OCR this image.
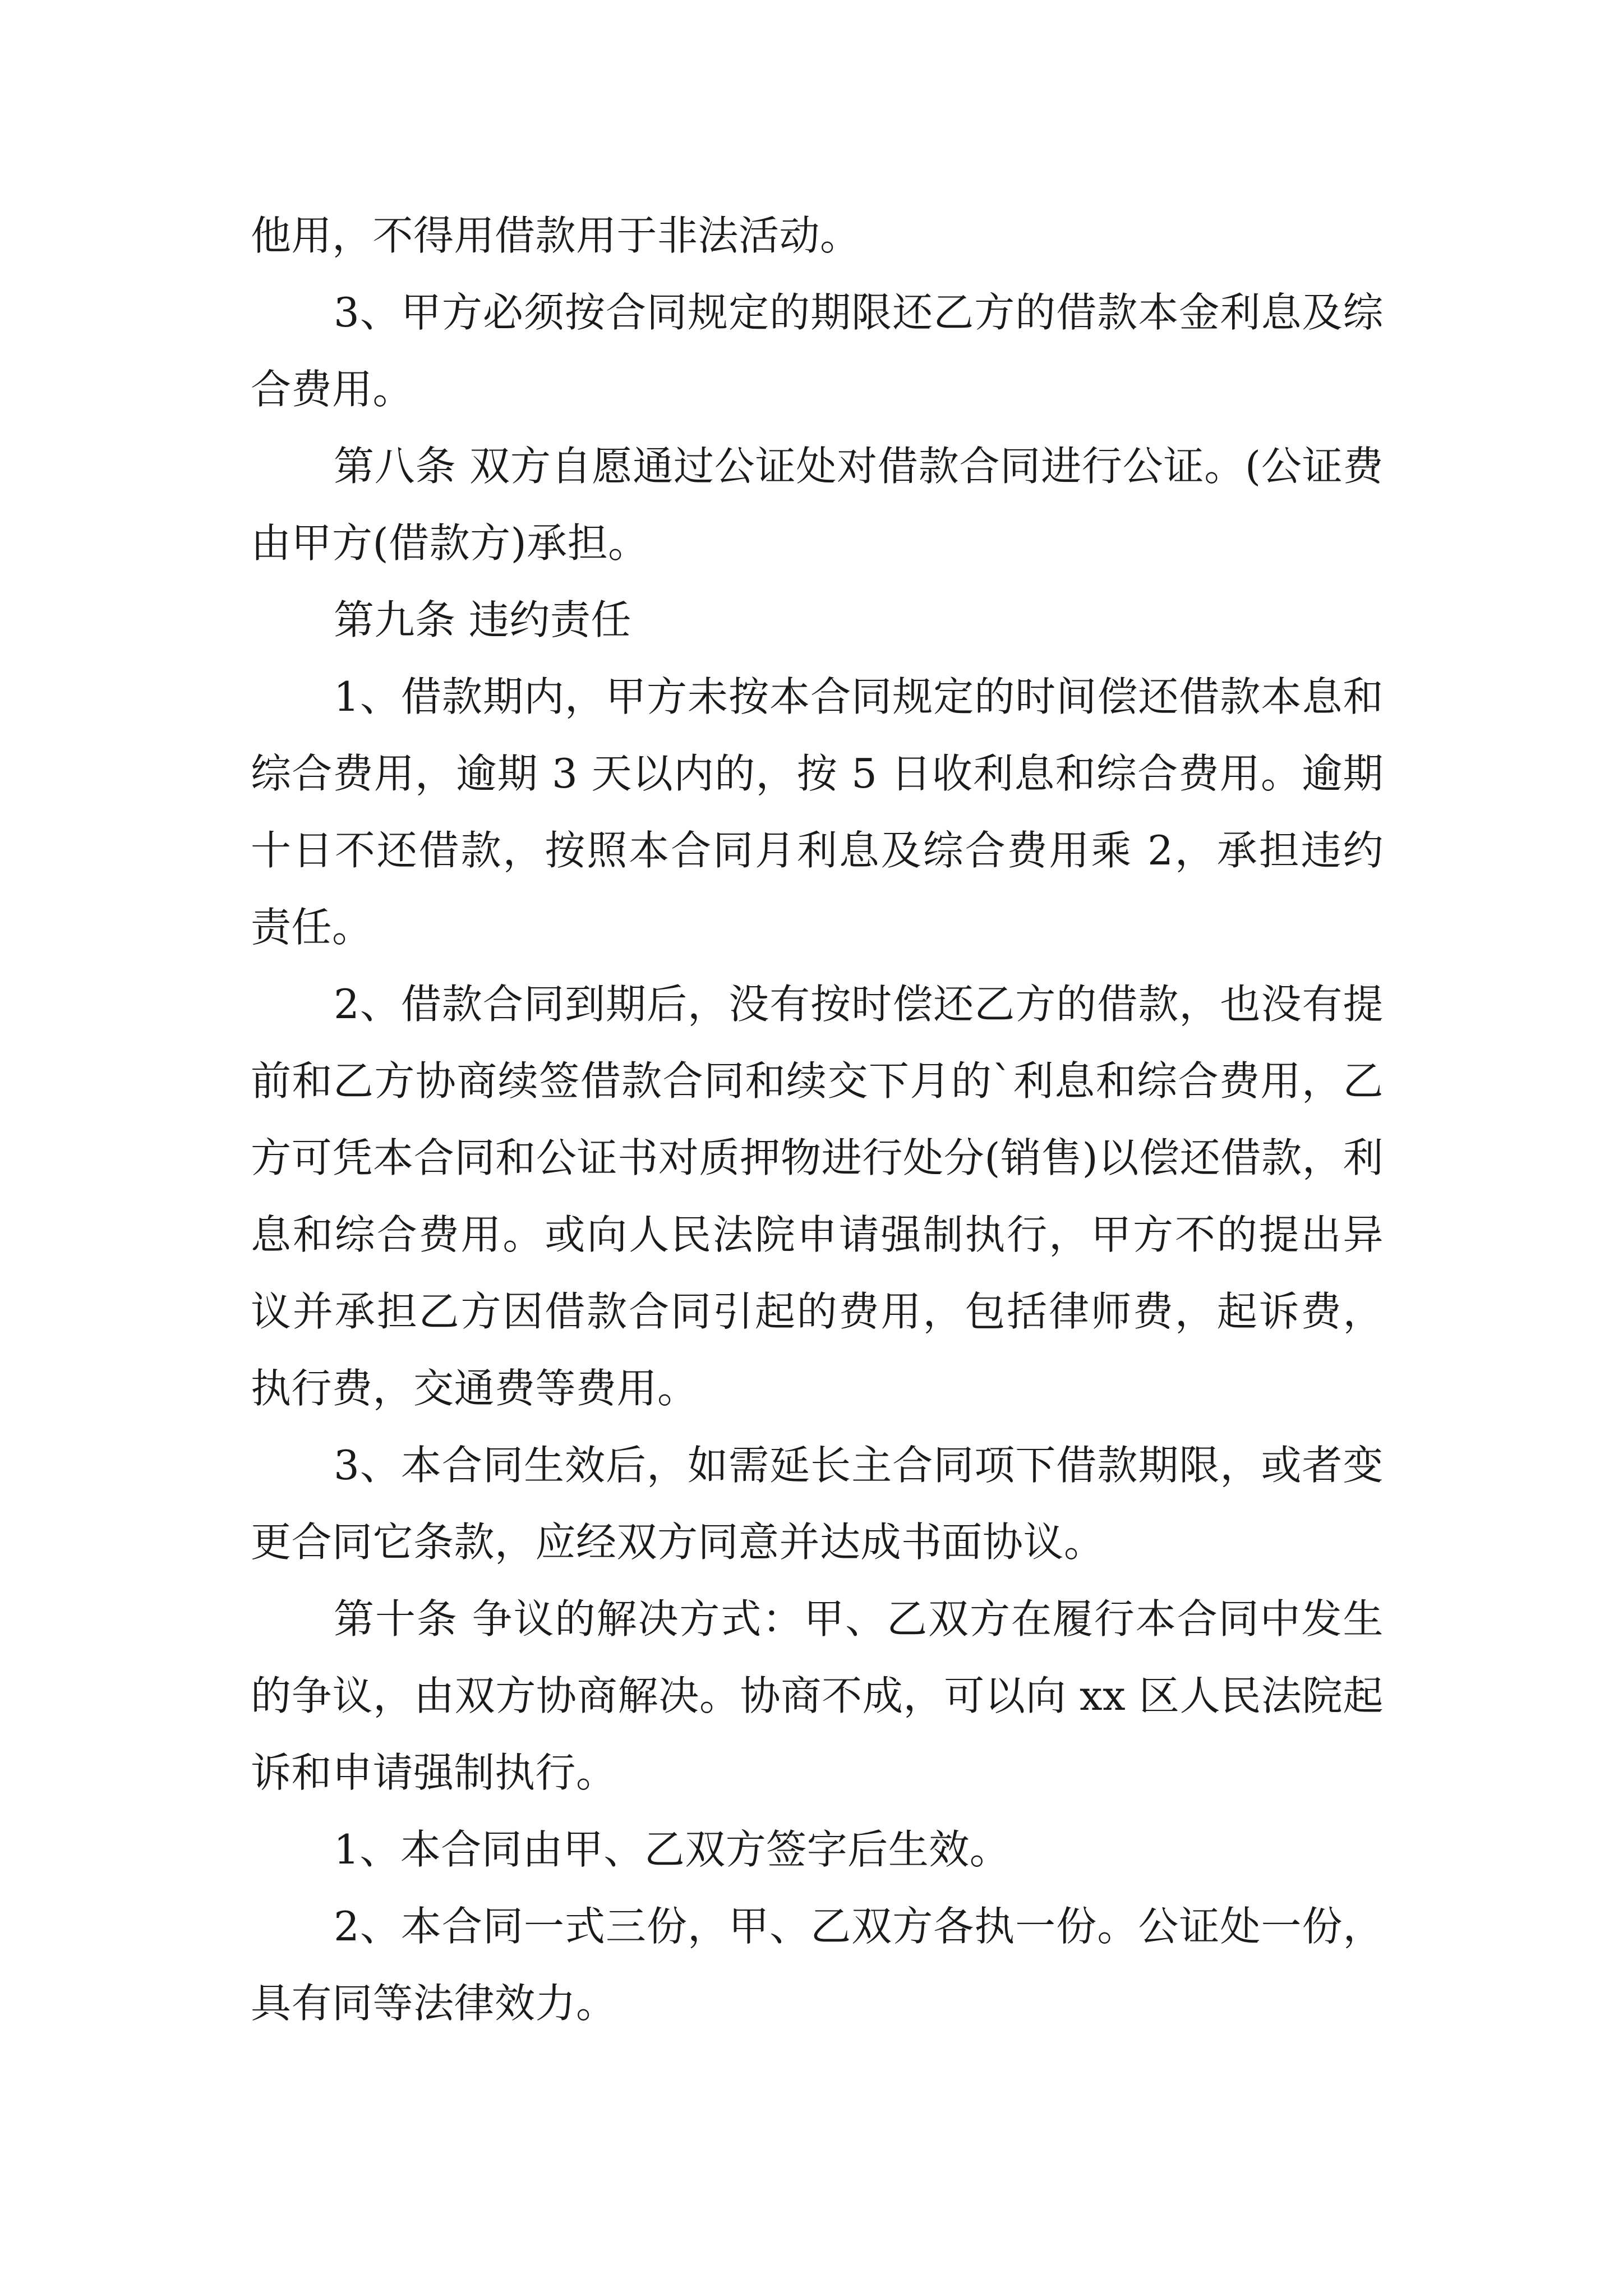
他用，不得用借款用于非法活动。

3、甲方必须按合同规定的期限还乙方的借款本金利息及综合费用。

第八条 双方自愿通过公证处对借款合同进行公证。(公证费由甲方(借款方)承担。

第九条 违约责任

1、借款期内，甲方未按本合同规定的时间偿还借款本息和综合费用，逾期 3 天以内的，按 5 日收利息和综合费用。逾期十日不还借款，按照本合同月利息及综合费用乘 2，承担违约责任。

2、借款合同到期后，没有按时偿还乙方的借款，也没有提前和乙方协商续签借款合同和续交下月的`利息和综合费用，乙方可凭本合同和公证书对质押物进行处分(销售)以偿还借款，利息和综合费用。或向人民法院申请强制执行，甲方不的提出异议并承担乙方因借款合同引起的费用，包括律师费，起诉费，执行费，交通费等费用。

3、本合同生效后，如需延长主合同项下借款期限，或者变更合同它条款，应经双方同意并达成书面协议。

第十条 争议的解决方式：甲、乙双方在履行本合同中发生的争议，由双方协商解决。协商不成，可以向 xx 区人民法院起诉和申请强制执行。

1、本合同由甲、乙双方签字后生效。

2、本合同一式三份，甲、乙双方各执一份。公证处一份，具有同等法律效力。
